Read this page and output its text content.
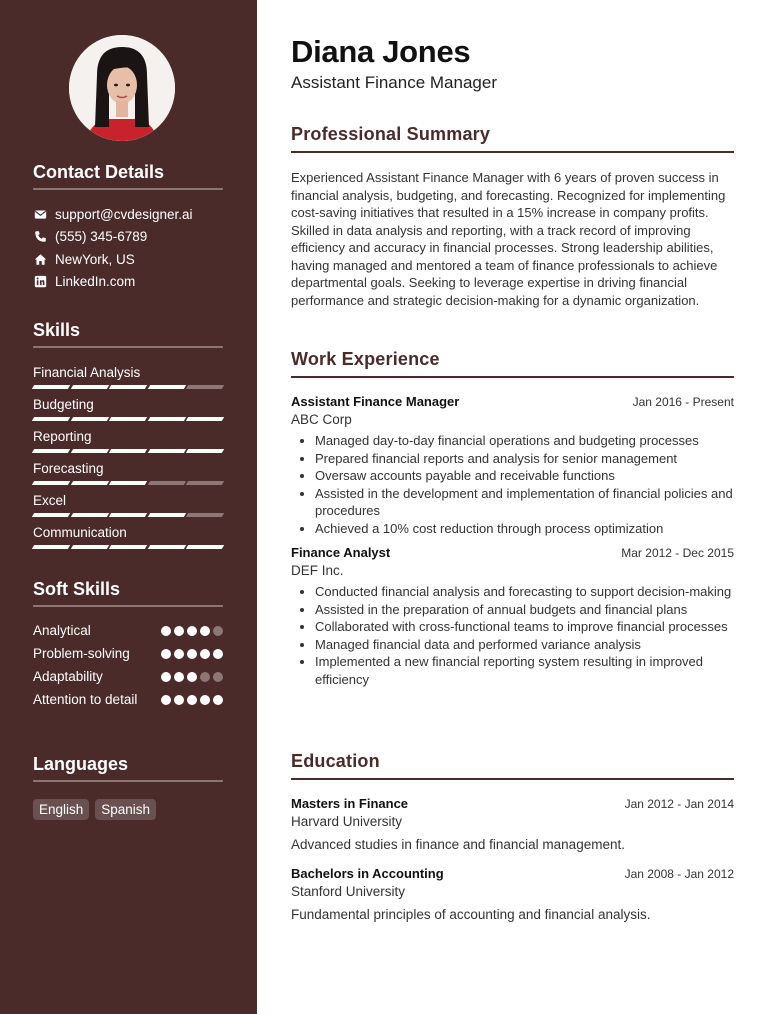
Contact Details
support@cvdesigner.ai
(555) 345-6789
NewYork, US
LinkedIn.com
Skills
Financial Analysis
Budgeting
Reporting
Forecasting
Excel
Communication
Soft Skills
Analytical
Problem-solving
Adaptability
Attention to detail
Languages
English	Spanish
Diana Jones
Assistant Finance Manager
Professional Summary

Experienced Assistant Finance Manager with 6 years of proven success in financial analysis, budgeting, and forecasting. Recognized for implementing cost-saving initiatives that resulted in a 15% increase in company profits. Skilled in data analysis and reporting, with a track record of improving efficiency and accuracy in financial processes. Strong leadership abilities, having managed and mentored a team of finance professionals to achieve departmental goals. Seeking to leverage expertise in driving financial performance and strategic decision-making for a dynamic organization.

Work Experience
Assistant Finance Manager	Jan 2016 - Present
ABC Corp
• Managed day-to-day financial operations and budgeting processes
• Prepared financial reports and analysis for senior management
• Oversaw accounts payable and receivable functions
• Assisted in the development and implementation of financial policies and procedures
• Achieved a 10% cost reduction through process optimization
Finance Analyst	Mar 2012 - Dec 2015
DEF Inc.
• Conducted financial analysis and forecasting to support decision-making
• Assisted in the preparation of annual budgets and financial plans
• Collaborated with cross-functional teams to improve financial processes
• Managed financial data and performed variance analysis
• Implemented a new financial reporting system resulting in improved efficiency
Education
Masters in Finance	Jan 2012 - Jan 2014
Harvard University
Advanced studies in finance and financial management.
Bachelors in Accounting	Jan 2008 - Jan 2012
Stanford University
Fundamental principles of accounting and financial analysis.
